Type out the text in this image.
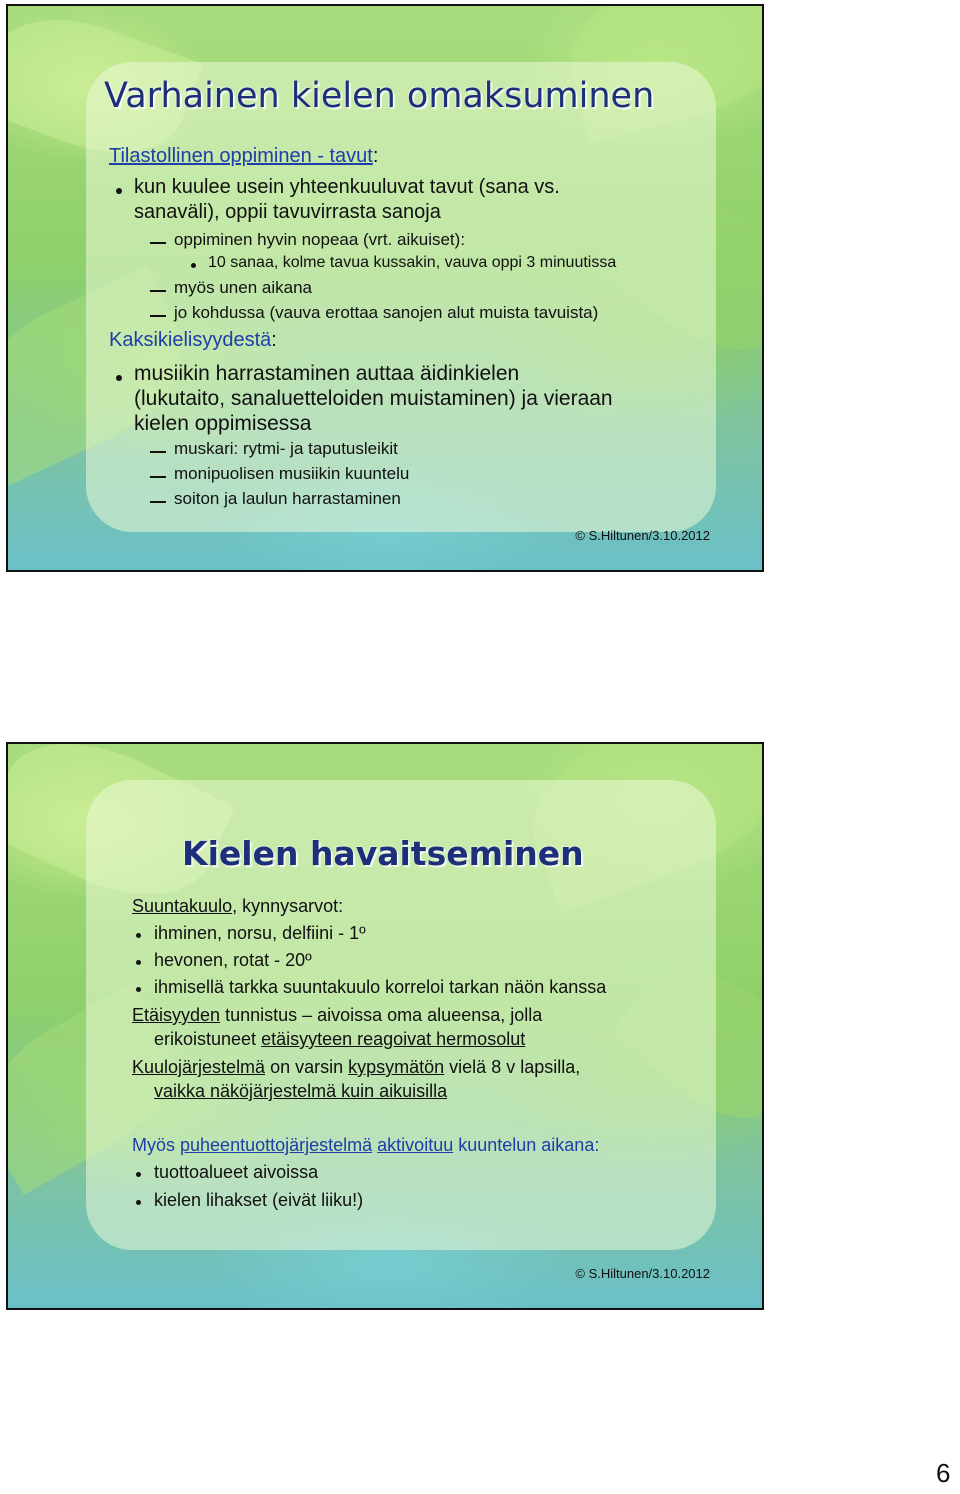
Varhainen kielen omaksuminen
Tilastollinen oppiminen - tavut:
kun kuulee usein yhteenkuuluvat tavut (sana vs.
sanaväli), oppii tavuvirrasta sanoja
oppiminen hyvin nopeaa (vrt. aikuiset):
10 sanaa, kolme tavua kussakin, vauva oppi 3 minuutissa
myös unen aikana
jo kohdussa (vauva erottaa sanojen alut muista tavuista)
Kaksikielisyydestä:
musiikin harrastaminen auttaa äidinkielen
(lukutaito, sanaluetteloiden muistaminen) ja vieraan
kielen oppimisessa
muskari: rytmi- ja taputusleikit
monipuolisen musiikin kuuntelu
soiton ja laulun harrastaminen
© S.Hiltunen/3.10.2012
Kielen havaitseminen
Suuntakuulo, kynnysarvot:
ihminen, norsu, delfiini - 1º
hevonen, rotat - 20º
ihmisellä tarkka suuntakuulo korreloi tarkan näön kanssa
Etäisyyden tunnistus – aivoissa oma alueensa, jolla
erikoistuneet etäisyyteen reagoivat hermosolut
Kuulojärjestelmä on varsin kypsymätön vielä 8 v lapsilla,
vaikka näköjärjestelmä kuin aikuisilla
Myös puheentuottojärjestelmä aktivoituu kuuntelun aikana:
tuottoalueet aivoissa
kielen lihakset (eivät liiku!)
© S.Hiltunen/3.10.2012
6
